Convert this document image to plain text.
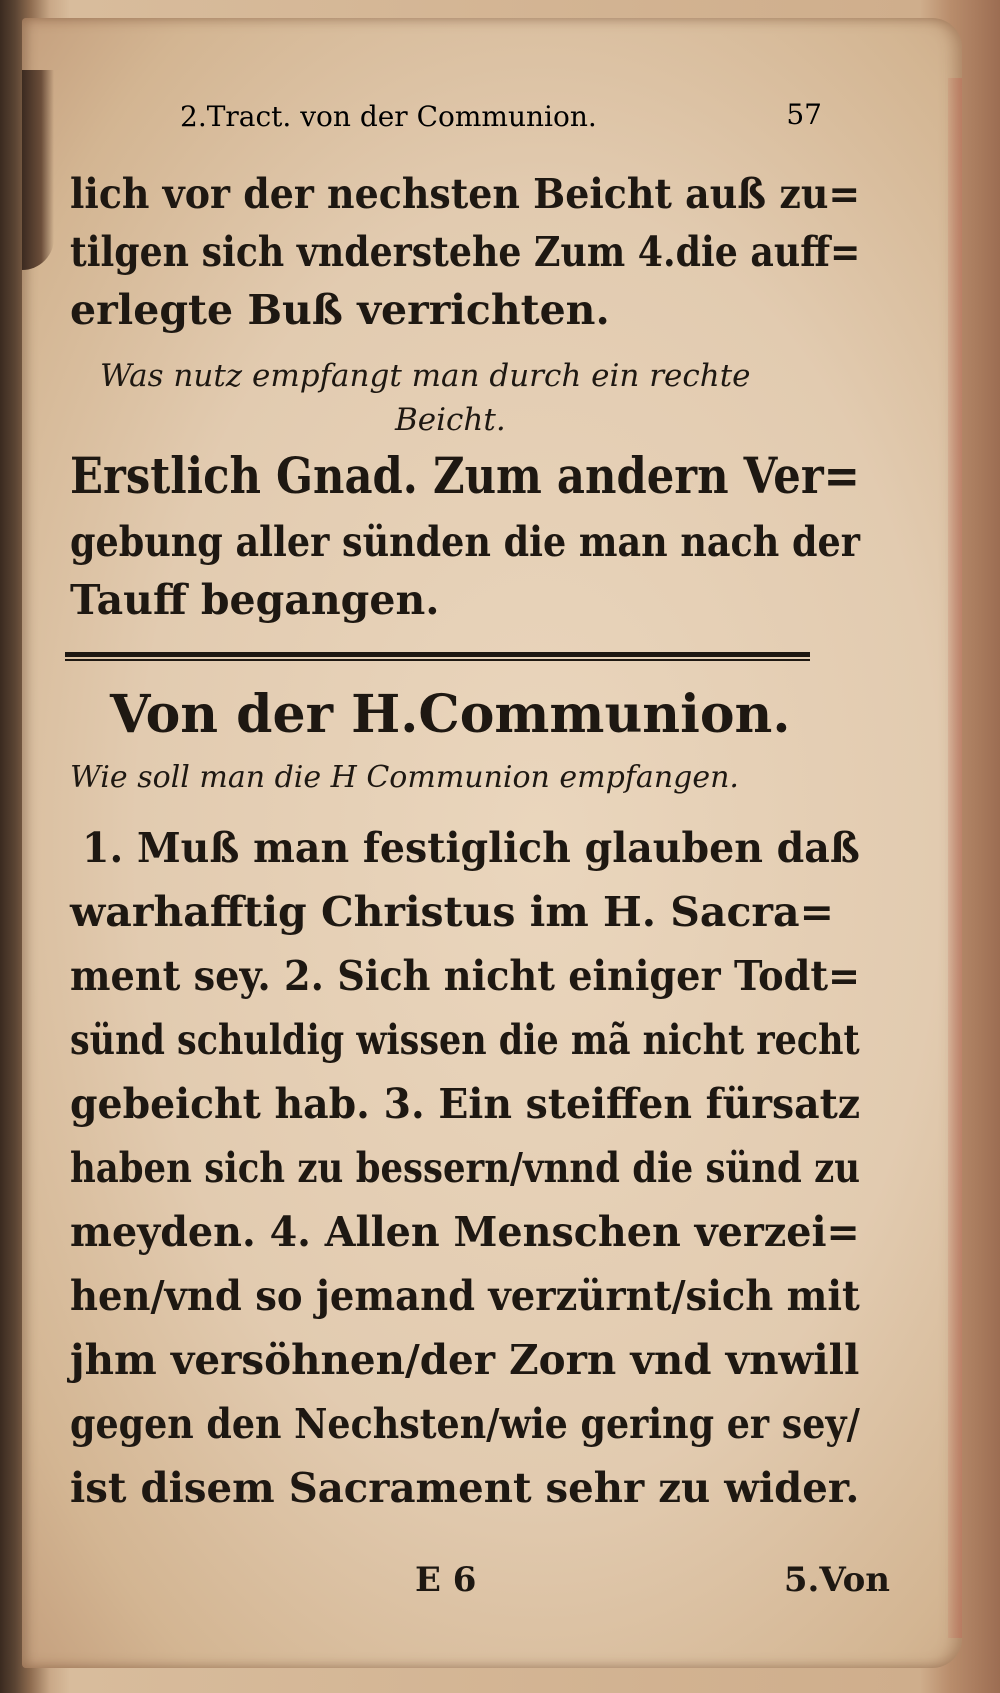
2.Tract. von der Communion.	57
lich vor der nechsten Beicht auß zu=
tilgen sich vnderstehe Zum 4.die auff=
erlegte Buß verrichten.
Was nutz empfangt man durch ein rechte
Beicht.
Erstlich Gnad. Zum andern Ver=
gebung aller sünden die man nach der
Tauff begangen.
Von der H.Communion.
Wie soll man die H Communion empfangen.
1. Muß man festiglich glauben daß
warhafftig Christus im H. Sacra=
ment sey. 2. Sich nicht einiger Todt=
sünd schuldig wissen die mã nicht recht
gebeicht hab. 3. Ein steiffen fürsatz
haben sich zu bessern/vnnd die sünd zu
meyden. 4. Allen Menschen verzei=
hen/vnd so jemand verzürnt/sich mit
jhm versöhnen/der Zorn vnd vnwill
gegen den Nechsten/wie gering er sey/
ist disem Sacrament sehr zu wider.
E 6	5.Von
